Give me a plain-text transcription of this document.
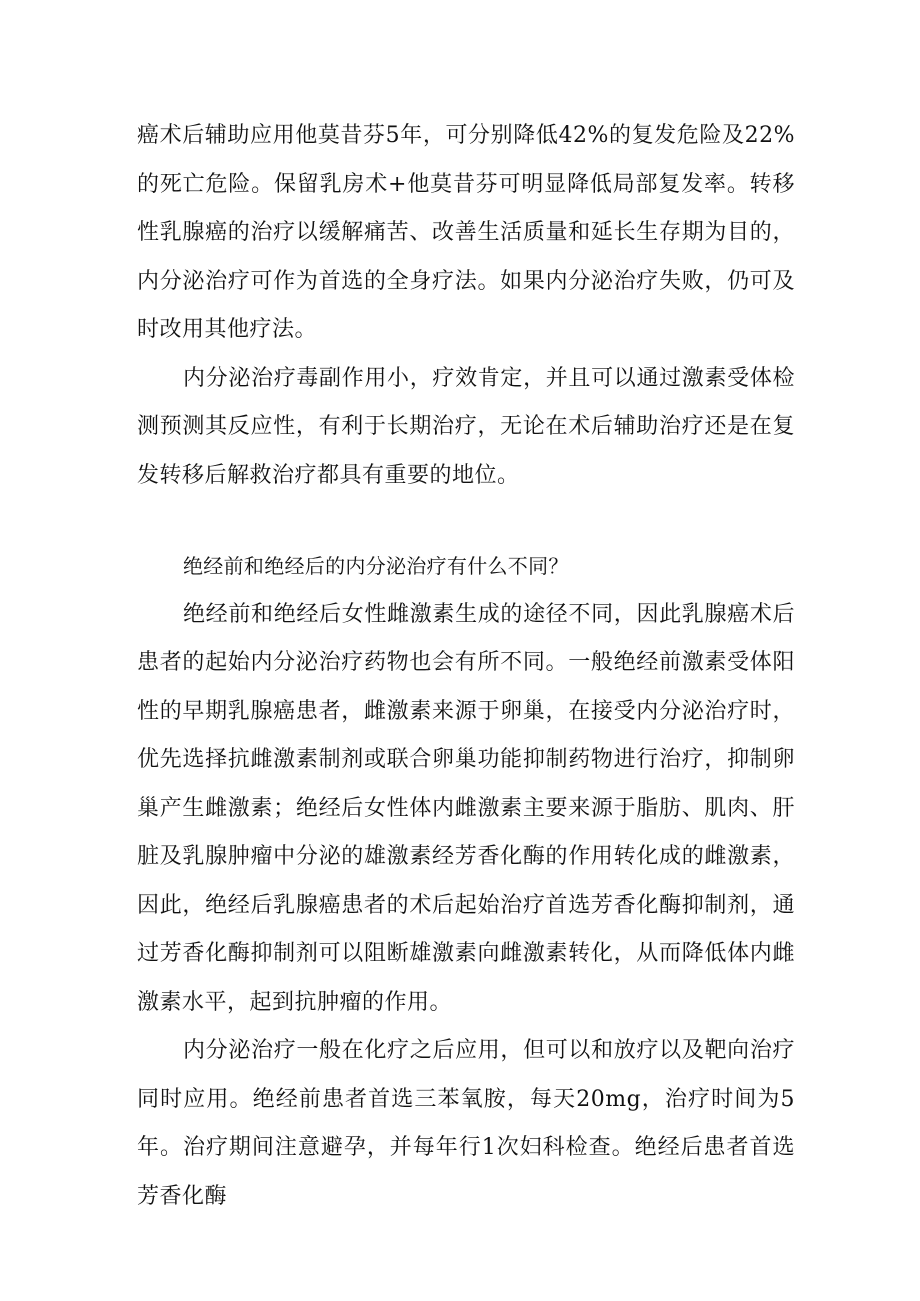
癌术后辅助应用他莫昔芬5年，可分别降低42%的复发危险及22%的死亡危险。保留乳房术+他莫昔芬可明显降低局部复发率。转移性乳腺癌的治疗以缓解痛苦、改善生活质量和延长生存期为目的，内分泌治疗可作为首选的全身疗法。如果内分泌治疗失败，仍可及时改用其他疗法。

内分泌治疗毒副作用小，疗效肯定，并且可以通过激素受体检测预测其反应性，有利于长期治疗，无论在术后辅助治疗还是在复发转移后解救治疗都具有重要的地位。

绝经前和绝经后的内分泌治疗有什么不同？

绝经前和绝经后女性雌激素生成的途径不同，因此乳腺癌术后患者的起始内分泌治疗药物也会有所不同。一般绝经前激素受体阳性的早期乳腺癌患者，雌激素来源于卵巢，在接受内分泌治疗时，优先选择抗雌激素制剂或联合卵巢功能抑制药物进行治疗，抑制卵巢产生雌激素；绝经后女性体内雌激素主要来源于脂肪、肌肉、肝脏及乳腺肿瘤中分泌的雄激素经芳香化酶的作用转化成的雌激素，因此，绝经后乳腺癌患者的术后起始治疗首选芳香化酶抑制剂，通过芳香化酶抑制剂可以阻断雄激素向雌激素转化，从而降低体内雌激素水平，起到抗肿瘤的作用。

内分泌治疗一般在化疗之后应用，但可以和放疗以及靶向治疗同时应用。绝经前患者首选三苯氧胺，每天20mg，治疗时间为5年。治疗期间注意避孕，并每年行1次妇科检查。绝经后患者首选芳香化酶
